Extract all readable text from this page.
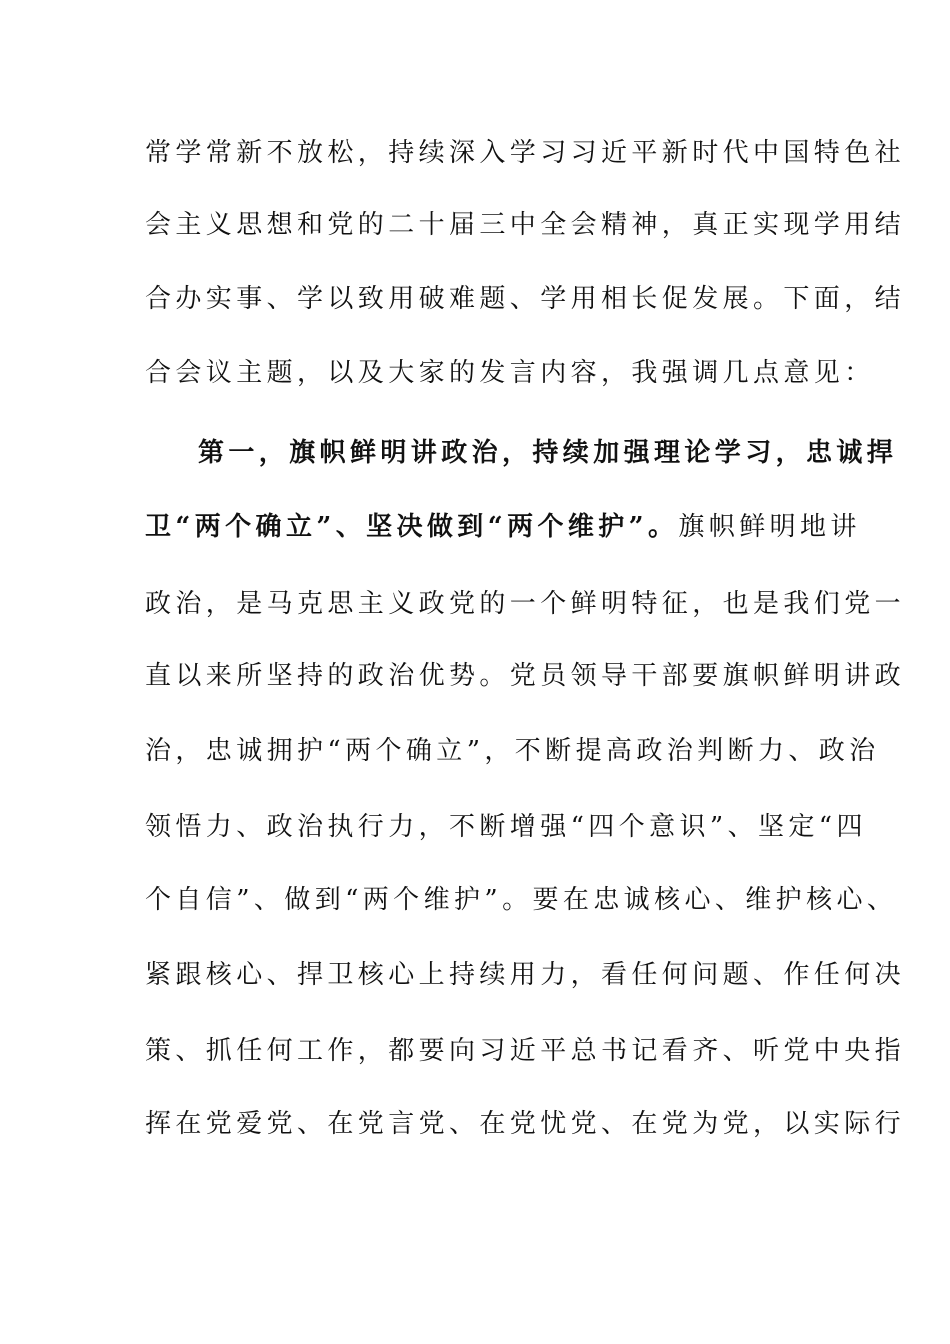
常学常新不放松，持续深入学习习近平新时代中国特色社
会主义思想和党的二十届三中全会精神，真正实现学用结
合办实事、学以致用破难题、学用相长促发展。下面，结
合会议主题，以及大家的发言内容，我强调几点意见：
第一，旗帜鲜明讲政治，持续加强理论学习，忠诚捍
卫“两个确立”、坚决做到“两个维护”。旗帜鲜明地讲
政治，是马克思主义政党的一个鲜明特征，也是我们党一
直以来所坚持的政治优势。党员领导干部要旗帜鲜明讲政
治，忠诚拥护“两个确立”，不断提高政治判断力、政治
领悟力、政治执行力，不断增强“四个意识”、坚定“四
个自信”、做到“两个维护”。要在忠诚核心、维护核心、
紧跟核心、捍卫核心上持续用力，看任何问题、作任何决
策、抓任何工作，都要向习近平总书记看齐、听党中央指
挥在党爱党、在党言党、在党忧党、在党为党，以实际行
